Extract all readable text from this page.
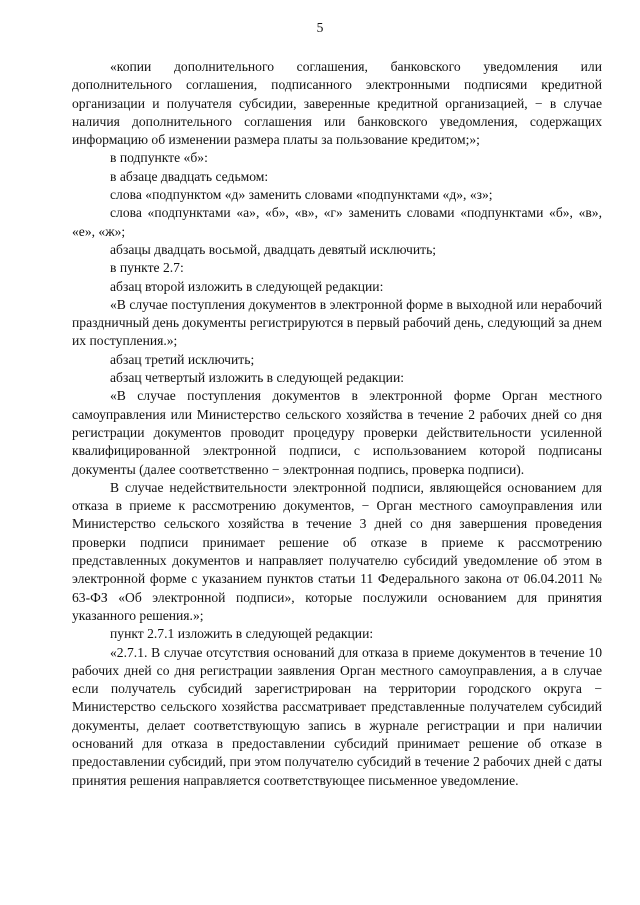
5

«копии дополнительного соглашения, банковского уведомления или дополнительного соглашения, подписанного электронными подписями кредитной организации и получателя субсидии, заверенные кредитной организацией, − в случае наличия дополнительного соглашения или банковского уведомления, содержащих информацию об изменении размера платы за пользование кредитом;»;

в подпункте «б»:

в абзаце двадцать седьмом:

слова «подпунктом «д» заменить словами «подпунктами «д», «з»;

слова «подпунктами «а», «б», «в», «г» заменить словами «подпунктами «б», «в», «е», «ж»;

абзацы двадцать восьмой, двадцать девятый исключить;

в пункте 2.7:

абзац второй изложить в следующей редакции:

«В случае поступления документов в электронной форме в выходной или нерабочий праздничный день документы регистрируются в первый рабочий день, следующий за днем их поступления.»;

абзац третий исключить;

абзац четвертый изложить в следующей редакции:

«В случае поступления документов в электронной форме Орган местного самоуправления или Министерство сельского хозяйства в течение 2 рабочих дней со дня регистрации документов проводит процедуру проверки действительности усиленной квалифицированной электронной подписи, с использованием которой подписаны документы (далее соответственно − электронная подпись, проверка подписи).

В случае недействительности электронной подписи, являющейся основанием для отказа в приеме к рассмотрению документов, − Орган местного самоуправления или Министерство сельского хозяйства в течение 3 дней со дня завершения проведения проверки подписи принимает решение об отказе в приеме к рассмотрению представленных документов и направляет получателю субсидий уведомление об этом в электронной форме с указанием пунктов статьи 11 Федерального закона от 06.04.2011 № 63-ФЗ «Об электронной подписи», которые послужили основанием для принятия указанного решения.»;

пункт 2.7.1 изложить в следующей редакции:

«2.7.1. В случае отсутствия оснований для отказа в приеме документов в течение 10 рабочих дней со дня регистрации заявления Орган местного самоуправления, а в случае если получатель субсидий зарегистрирован на территории городского округа − Министерство сельского хозяйства рассматривает представленные получателем субсидий документы, делает соответствующую запись в журнале регистрации и при наличии оснований для отказа в предоставлении субсидий принимает решение об отказе в предоставлении субсидий, при этом получателю субсидий в течение 2 рабочих дней с даты принятия решения направляется соответствующее письменное уведомление.
